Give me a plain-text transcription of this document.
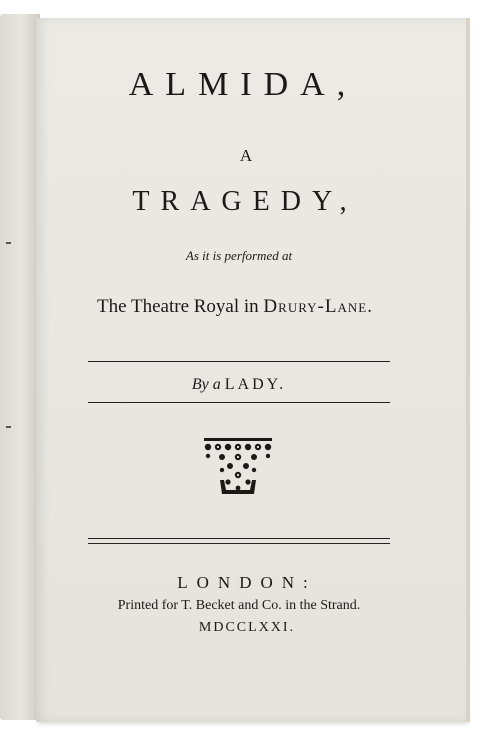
ALMIDA,
A
TRAGEDY,
As it is performed at
The Theatre Royal in Drury-Lane.
By a LADY.
LONDON:
Printed for T. Becket and Co. in the Strand.
MDCCLXXI.
